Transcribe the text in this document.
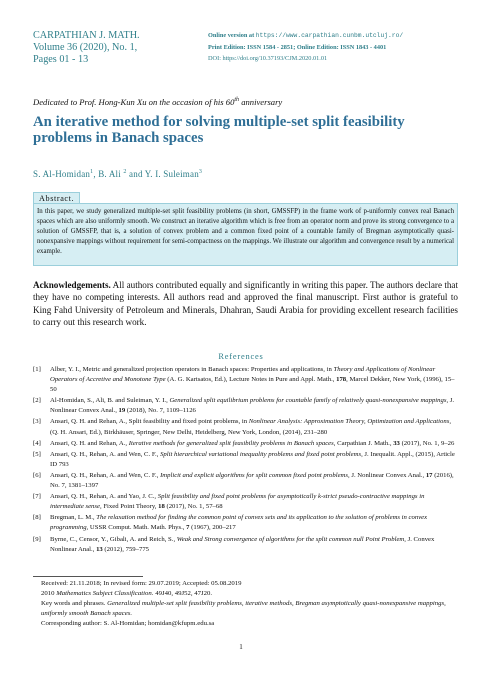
CARPATHIAN J. MATH.
Volume 36 (2020), No. 1,
Pages 01 - 13
Online version at https://www.carpathian.cunbm.utcluj.ro/
Print Edition: ISSN 1584 - 2851; Online Edition: ISSN 1843 - 4401
DOI: https://doi.org/10.37193/CJM.2020.01.01
Dedicated to Prof. Hong-Kun Xu on the occasion of his 60th anniversary
An iterative method for solving multiple-set split feasibility problems in Banach spaces
S. Al-Homidan$^1$, B. Ali $^2$ and Y. I. Suleiman$^3$
Abstract.
In this paper, we study generalized multiple-set split feasibility problems (in short, GMSSFP) in the frame work of p-uniformly convex real Banach spaces which are also uniformly smooth. We construct an iterative algorithm which is free from an operator norm and prove its strong convergence to a solution of GMSSFP, that is, a solution of convex problem and a common fixed point of a countable family of Bregman asymptotically quasi-nonexpansive mappings without requirement for semi-compactness on the mappings. We illustrate our algorithm and convergence result by a numerical example.
Acknowledgements. All authors contributed equally and significantly in writing this paper. The authors declare that they have no competing interests. All authors read and approved the final manuscript. First author is grateful to King Fahd University of Petroleum and Minerals, Dhahran, Saudi Arabia for providing excellent research facilities to carry out this research work.
References
[1] Alber, Y. I., Metric and generalized projection operators in Banach spaces: Properties and applications, in Theory and Applications of Nonlinear Operators of Accretive and Monotone Type (A. G. Kartsatos, Ed.), Lecture Notes in Pure and Appl. Math., 178, Marcel Dekker, New York, (1996), 15–50
[2] Al-Homidan, S., Ali, B. and Suleiman, Y. I., Generalized split equilibrium problems for countable family of relatively quasi-nonexpansive mappings, J. Nonlinear Convex Anal., 19 (2018), No. 7, 1109–1126
[3] Ansari, Q. H. and Rehan, A., Split feasibility and fixed point problems, in Nonlinear Analysis: Approximation Theory, Optimization and Applications, (Q. H. Ansari, Ed.), Birkhäuser, Springer, New Delhi, Heidelberg, New York, London, (2014), 231–280
[4] Ansari, Q. H. and Rehan, A., Iterative methods for generalized split feasibility problems in Banach spaces, Carpathian J. Math., 33 (2017), No. 1, 9–26
[5] Ansari, Q. H., Rehan, A. and Wen, C. F., Split hierarchical variational inequality problems and fixed point problems, J. Inequalit. Appl., (2015), Article ID 793
[6] Ansari, Q. H., Rehan, A. and Wen, C. F., Implicit and explicit algorithms for split common fixed point problems, J. Nonlinear Convex Anal., 17 (2016), No. 7, 1381–1397
[7] Ansari, Q. H., Rehan, A. and Yao, J. C., Split feasibility and fixed point problems for asymptotically k-strict pseudo-contractive mappings in intermediate sense, Fixed Point Theory, 18 (2017), No. 1, 57–68
[8] Bregman, L. M., The relaxation method for finding the common point of convex sets and its application to the solution of problems in convex programming, USSR Comput. Math. Math. Phys., 7 (1967), 200–217
[9] Byrne, C., Censor, Y., Gibali, A. and Reich, S., Weak and Strong convergence of algorithms for the split common null Point Problem, J. Convex Nonlinear Anal., 13 (2012), 759–775
Received: 21.11.2018; In revised form: 29.07.2019; Accepted: 05.08.2019
2010 Mathematics Subject Classification. 49J40, 49J52, 47J20.
Key words and phrases. Generalized multiple-set split feasibility problems, iterative methods, Bregman asymptotically quasi-nonexpansive mappings, uniformly smooth Banach spaces.
Corresponding author: S. Al-Homidan; homidan@kfupm.edu.sa
1
